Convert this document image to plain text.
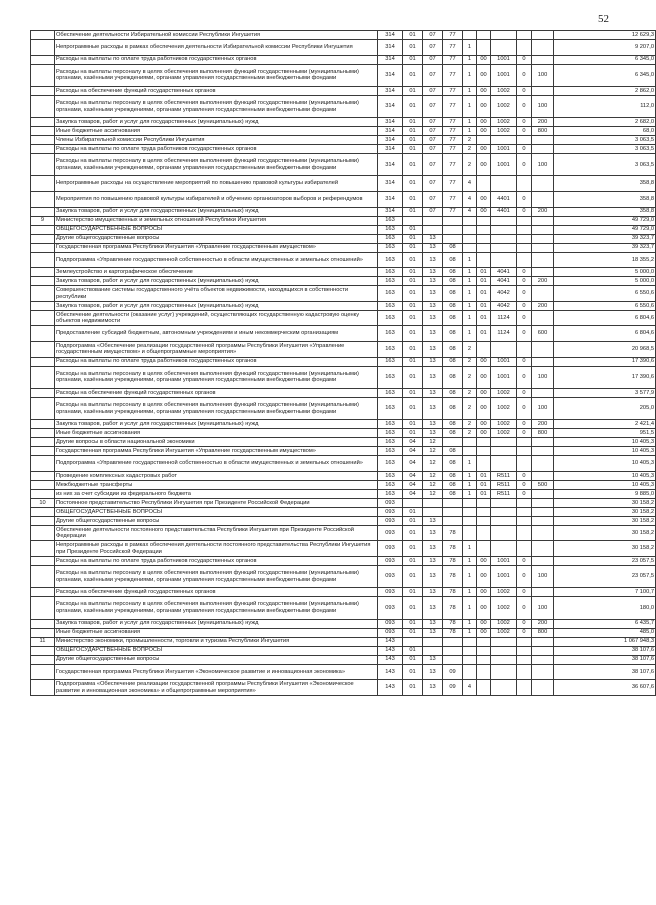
52
	Обеспечение деятельности Избирательной комиссии Республики Ингушетия	314	01	07	77						12 629,3
	Непрограммные расходы в рамках обеспечения деятельности Избирательной комиссии Республики Ингушетия	314	01	07	77	1					9 207,0
	Расходы на выплаты по оплате труда работников государственных органов	314	01	07	77	1	00	1001	0		6 345,0
	Расходы на выплаты персоналу в целях обеспечения выполнения функций государственными (муниципальными) органами, казёнными учреждениями, органами управления государственными внебюджетными фондами	314	01	07	77	1	00	1001	0	100	6 345,0
	Расходы на обеспечение функций государственных органов	314	01	07	77	1	00	1002	0		2 862,0
	Расходы на выплаты персоналу в целях обеспечения выполнения функций государственными (муниципальными) органами, казёнными учреждениями, органами управления государственными внебюджетными фондами	314	01	07	77	1	00	1002	0	100	112,0
	Закупка товаров, работ и услуг для государственных (муниципальных) нужд	314	01	07	77	1	00	1002	0	200	2 682,0
	Иные бюджетные ассигнования	314	01	07	77	1	00	1002	0	800	68,0
	Члены Избирательной комиссии Республики Ингушетия	314	01	07	77	2					3 063,5
	Расходы на выплаты по оплате труда работников государственных органов	314	01	07	77	2	00	1001	0		3 063,5
	Расходы на выплаты персоналу в целях обеспечения выполнения функций государственными (муниципальными) органами, казёнными учреждениями, органами управления государственными внебюджетными фондами	314	01	07	77	2	00	1001	0	100	3 063,5
	Непрограммные расходы на осуществление мероприятий по повышению правовой культуры избирателей	314	01	07	77	4					358,8
	Мероприятия по повышению правовой культуры избирателей и обучению организаторов выборов и референдумов	314	01	07	77	4	00	4401	0		358,8
	Закупка товаров, работ и услуг для государственных (муниципальных) нужд	314	01	07	77	4	00	4401	0	200	358,8
9	Министерство имущественных и земельных отношений Республики Ингушетия	163									49 729,0
	ОБЩЕГОСУДАРСТВЕННЫЕ ВОПРОСЫ	163	01								49 729,0
	Другие общегосударственные вопросы	163	01	13							39 323,7
	Государственная программа Республики Ингушетия «Управление государственным имуществом»	163	01	13	08						39 323,7
	Подпрограмма «Управление государственной собственностью в области имущественных и земельных отношений»	163	01	13	08	1					18 355,2
	Землеустройство и картографическое обеспечение	163	01	13	08	1	01	4041	0		5 000,0
	Закупка товаров, работ и услуг для государственных (муниципальных) нужд	163	01	13	08	1	01	4041	0	200	5 000,0
	Совершенствование системы государственного учёта объектов недвижимости, находящихся в собственности республики	163	01	13	08	1	01	4042	0		6 550,6
	Закупка товаров, работ и услуг для государственных (муниципальных) нужд	163	01	13	08	1	01	4042	0	200	6 550,6
	Обеспечение деятельности (оказание услуг) учреждений, осуществляющих государственную кадастровую оценку объектов недвижимости	163	01	13	08	1	01	1124	0		6 804,6
	Предоставление субсидий бюджетным, автономным учреждениям и иным некоммерческим организациям	163	01	13	08	1	01	1124	0	600	6 804,6
	Подпрограмма «Обеспечение реализации государственной программы Республики Ингушетия «Управление государственным имуществом» и общепрограммные мероприятия»	163	01	13	08	2					20 968,5
	Расходы на выплаты по оплате труда работников государственных органов	163	01	13	08	2	00	1001	0		17 390,6
	Расходы на выплаты персоналу в целях обеспечения выполнения функций государственными (муниципальными) органами, казёнными учреждениями, органами управления государственными внебюджетными фондами	163	01	13	08	2	00	1001	0	100	17 390,6
	Расходы на обеспечение функций государственных органов	163	01	13	08	2	00	1002	0		3 577,9
	Расходы на выплаты персоналу в целях обеспечения выполнения функций государственными (муниципальными) органами, казёнными учреждениями, органами управления государственными внебюджетными фондами	163	01	13	08	2	00	1002	0	100	205,0
	Закупка товаров, работ и услуг для государственных (муниципальных) нужд	163	01	13	08	2	00	1002	0	200	2 421,4
	Иные бюджетные ассигнования	163	01	13	08	2	00	1002	0	800	951,5
	Другие вопросы в области национальной экономики	163	04	12							10 405,3
	Государственная программа Республики Ингушетия «Управление государственным имуществом»	163	04	12	08						10 405,3
	Подпрограмма «Управление государственной собственностью в области имущественных и земельных отношений»	163	04	12	08	1					10 405,3
	Проведение комплексных кадастровых работ	163	04	12	08	1	01	R511	0		10 405,3
	Межбюджетные трансферты	163	04	12	08	1	01	R511	0	500	10 405,3
	из них за счет субсидии из федерального бюджета	163	04	12	08	1	01	R511	0		9 885,0
10	Постоянное представительство Республики Ингушетия при Президенте Российской Федерации	093									30 158,2
	ОБЩЕГОСУДАРСТВЕННЫЕ ВОПРОСЫ	093	01								30 158,2
	Другие общегосударственные вопросы	093	01	13							30 158,2
	Обеспечение деятельности постоянного представительства Республики Ингушетия при Президенте Российской Федерации	093	01	13	78						30 158,2
	Непрограммные расходы в рамках обеспечения деятельности постоянного представительства Республики Ингушетия при Президенте Российской Федерации	093	01	13	78	1					30 158,2
	Расходы на выплаты по оплате труда работников государственных органов	093	01	13	78	1	00	1001	0		23 057,5
	Расходы на выплаты персоналу в целях обеспечения выполнения функций государственными (муниципальными) органами, казёнными учреждениями, органами управления государственными внебюджетными фондами	093	01	13	78	1	00	1001	0	100	23 057,5
	Расходы на обеспечение функций государственных органов	093	01	13	78	1	00	1002	0		7 100,7
	Расходы на выплаты персоналу в целях обеспечения выполнения функций государственными (муниципальными) органами, казёнными учреждениями, органами управления государственными внебюджетными фондами	093	01	13	78	1	00	1002	0	100	180,0
	Закупка товаров, работ и услуг для государственных (муниципальных) нужд	093	01	13	78	1	00	1002	0	200	6 435,7
	Иные бюджетные ассигнования	093	01	13	78	1	00	1002	0	800	485,0
11	Министерство экономики, промышленности, торговли и туризма Республики Ингушетия	143									1 067 948,3
	ОБЩЕГОСУДАРСТВЕННЫЕ ВОПРОСЫ	143	01								38 107,6
	Другие общегосударственные вопросы	143	01	13							38 107,6
	Государственная программа Республики Ингушетия «Экономическое развитие и инновационная экономика»	143	01	13	09						38 107,6
	Подпрограмма «Обеспечение реализации государственной программы Республики Ингушетия «Экономическое развитие и инновационная экономика» и общепрограммные мероприятия»	143	01	13	09	4					36 607,6
